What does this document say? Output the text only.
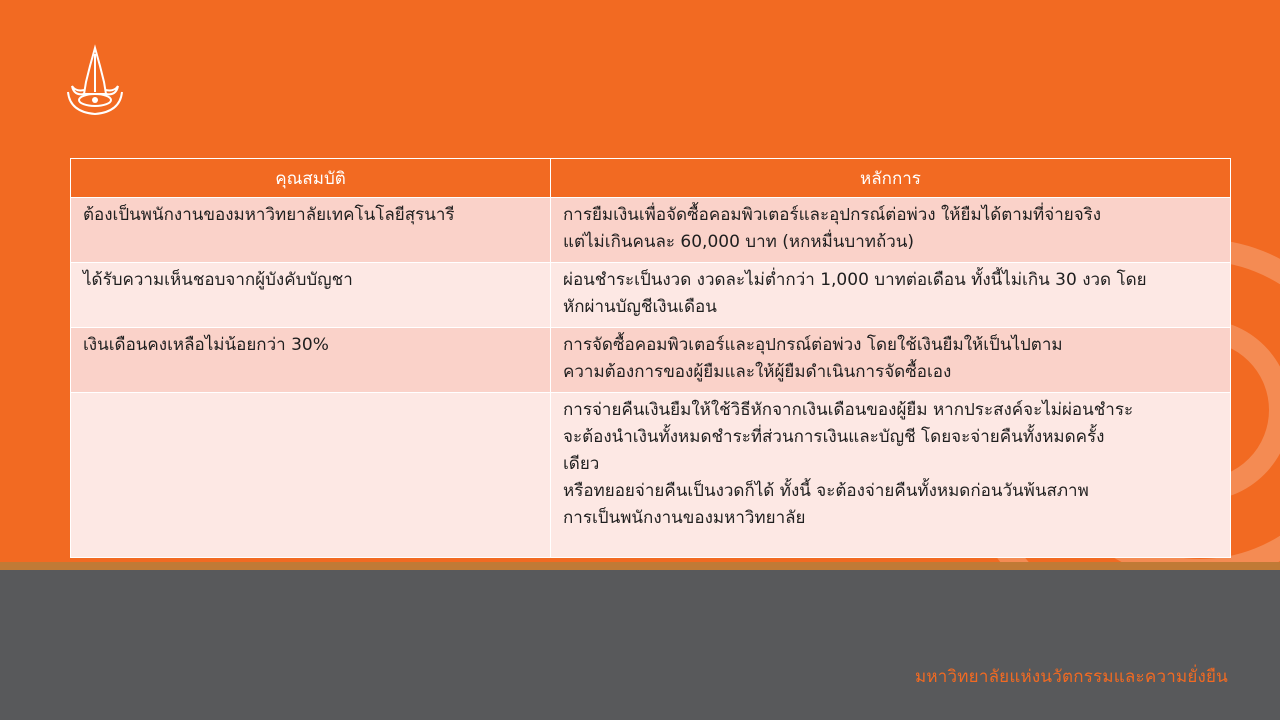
คุณสมบัติ	หลักการ

ต้องเป็นพนักงานของมหาวิทยาลัยเทคโนโลยีสุรนารี	การยืมเงินเพื่อจัดซื้อคอมพิวเตอร์และอุปกรณ์ต่อพ่วง ให้ยืมได้ตามที่จ่ายจริง
แต่ไม่เกินคนละ 60,000 บาท (หกหมื่นบาทถ้วน)

ได้รับความเห็นชอบจากผู้บังคับบัญชา	ผ่อนชำระเป็นงวด งวดละไม่ต่ำกว่า 1,000 บาทต่อเดือน ทั้งนี้ไม่เกิน 30 งวด โดย
หักผ่านบัญชีเงินเดือน

เงินเดือนคงเหลือไม่น้อยกว่า 30%	การจัดซื้อคอมพิวเตอร์และอุปกรณ์ต่อพ่วง โดยใช้เงินยืมให้เป็นไปตาม
ความต้องการของผู้ยืมและให้ผู้ยืมดำเนินการจัดซื้อเอง

	การจ่ายคืนเงินยืมให้ใช้วิธีหักจากเงินเดือนของผู้ยืม หากประสงค์จะไม่ผ่อนชำระ
จะต้องนำเงินทั้งหมดชำระที่ส่วนการเงินและบัญชี โดยจะจ่ายคืนทั้งหมดครั้ง
เดียว
หรือทยอยจ่ายคืนเป็นงวดก็ได้ ทั้งนี้ จะต้องจ่ายคืนทั้งหมดก่อนวันพ้นสภาพ
การเป็นพนักงานของมหาวิทยาลัย
มหาวิทยาลัยแห่งนวัตกรรมและความยั่งยืน
